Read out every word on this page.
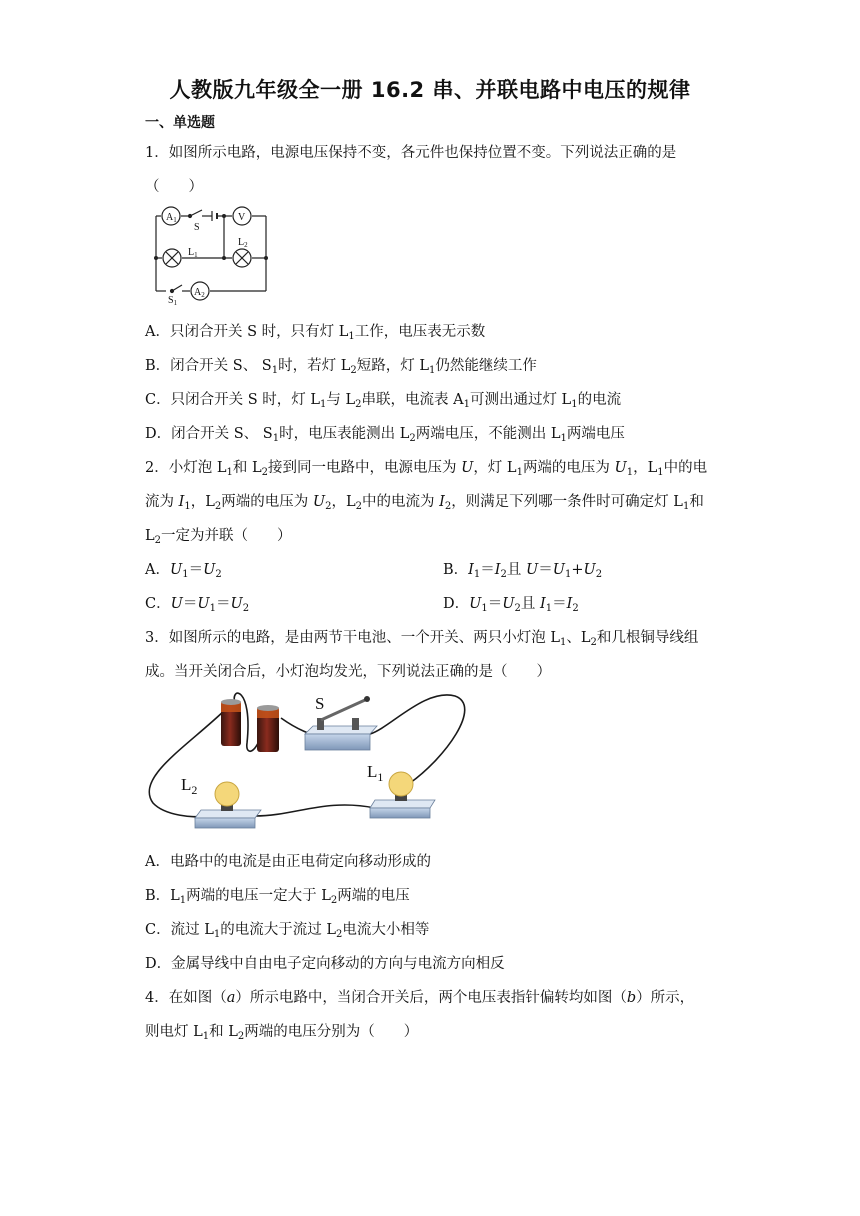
人教版九年级全一册 16.2 串、并联电路中电压的规律
一、单选题
1．如图所示电路，电源电压保持不变，各元件也保持位置不变。下列说法正确的是
（　　）
$A_1$	V
S
$L_1$
$L_2$
$A_2$
$S_1$
A．只闭合开关 S 时，只有灯 $L_1$工作，电压表无示数
B．闭合开关 S、 $S_1$时，若灯 $L_2$短路，灯 $L_1$仍然能继续工作
C．只闭合开关 S 时，灯 $L_1$与 $L_2$串联，电流表 $A_1$可测出通过灯 $L_1$的电流
D．闭合开关 S、 $S_1$时，电压表能测出 $L_2$两端电压，不能测出 $L_1$两端电压
2．小灯泡 $L_1$和 $L_2$接到同一电路中，电源电压为 U，灯 $L_1$两端的电压为 $U_1$，$L_1$中的电
流为 $I_1$，$L_2$两端的电压为 $U_2$，$L_2$中的电流为 $I_2$，则满足下列哪一条件时可确定灯 $L_1$和
$L_2$一定为并联（　　）
A．$U_1=U_2$	B．$I_1=I_2$且 $U=U_1+U_2$
C．$U=U_1=U_2$	D．$U_1=U_2$且 $I_1=I_2$
3．如图所示的电路，是由两节干电池、一个开关、两只小灯泡 $L_1$、$L_2$和几根铜导线组
成。当开关闭合后，小灯泡均发光，下列说法正确的是（　　）
S
$L_1$
$L_2$
A．电路中的电流是由正电荷定向移动形成的
B．$L_1$两端的电压一定大于 $L_2$两端的电压
C．流过 $L_1$的电流大于流过 $L_2$电流大小相等
D．金属导线中自由电子定向移动的方向与电流方向相反
4．在如图（a）所示电路中，当闭合开关后，两个电压表指针偏转均如图（b）所示，
则电灯 $L_1$和 $L_2$两端的电压分别为（　　）
